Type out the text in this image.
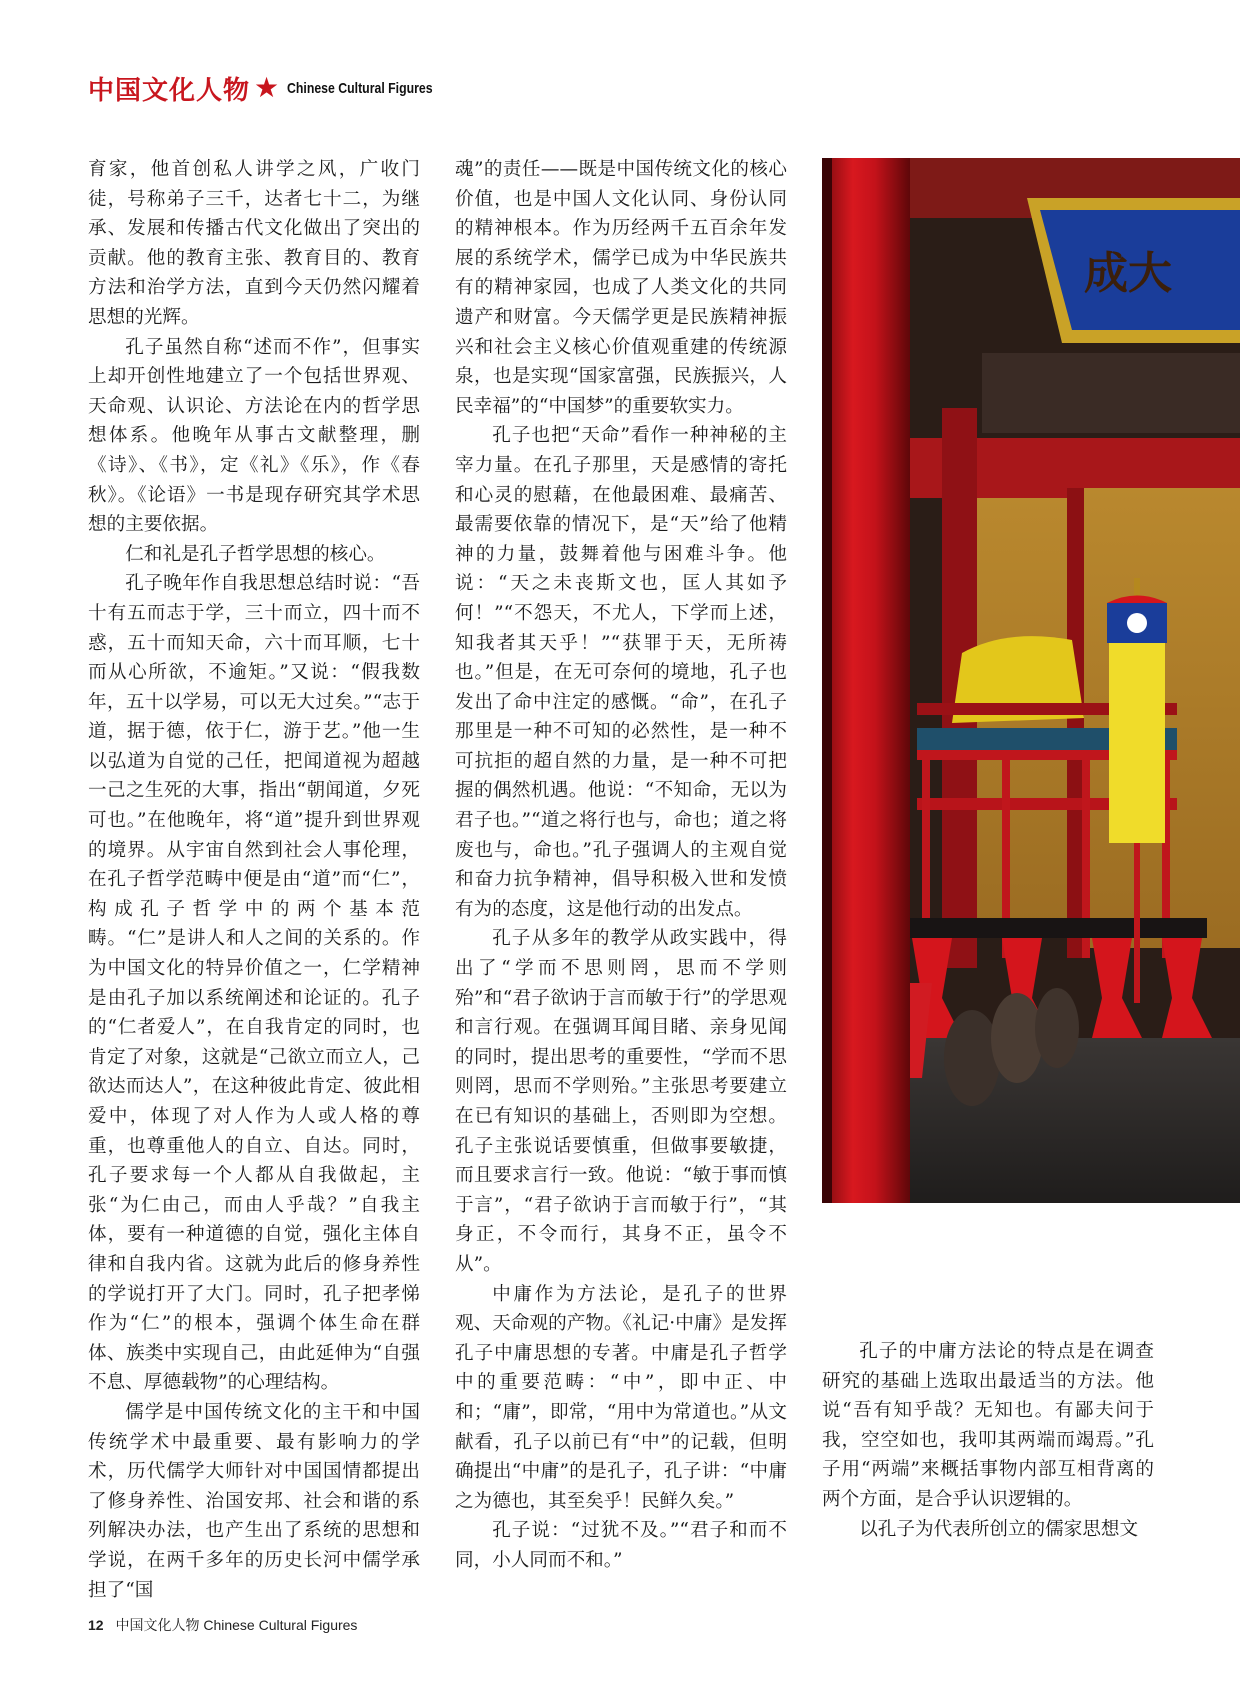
中国文化人物 ★ Chinese Cultural Figures

育家，他首创私人讲学之风，广收门徒，号称弟子三千，达者七十二，为继承、发展和传播古代文化做出了突出的贡献。他的教育主张、教育目的、教育方法和治学方法，直到今天仍然闪耀着思想的光辉。

孔子虽然自称“述而不作”，但事实上却开创性地建立了一个包括世界观、天命观、认识论、方法论在内的哲学思想体系。他晚年从事古文献整理，删《诗》、《书》，定《礼》《乐》，作《春秋》。《论语》一书是现存研究其学术思想的主要依据。

仁和礼是孔子哲学思想的核心。

孔子晚年作自我思想总结时说：“吾十有五而志于学，三十而立，四十而不惑，五十而知天命，六十而耳顺，七十而从心所欲，不逾矩。”又说：“假我数年，五十以学易，可以无大过矣。”“志于道，据于德，依于仁，游于艺。”他一生以弘道为自觉的己任，把闻道视为超越一己之生死的大事，指出“朝闻道，夕死可也。”在他晚年，将“道”提升到世界观的境界。从宇宙自然到社会人事伦理，在孔子哲学范畴中便是由“道”而“仁”，构成孔子哲学中的两个基本范畴。“仁”是讲人和人之间的关系的。作为中国文化的特异价值之一，仁学精神是由孔子加以系统阐述和论证的。孔子的“仁者爱人”，在自我肯定的同时，也肯定了对象，这就是“己欲立而立人，己欲达而达人”，在这种彼此肯定、彼此相爱中，体现了对人作为人或人格的尊重，也尊重他人的自立、自达。同时，孔子要求每一个人都从自我做起，主张“为仁由己，而由人乎哉？”自我主体，要有一种道德的自觉，强化主体自律和自我内省。这就为此后的修身养性的学说打开了大门。同时，孔子把孝悌作为“仁”的根本，强调个体生命在群体、族类中实现自己，由此延伸为“自强不息、厚德载物”的心理结构。

儒学是中国传统文化的主干和中国传统学术中最重要、最有影响力的学术，历代儒学大师针对中国国情都提出了修身养性、治国安邦、社会和谐的系列解决办法，也产生出了系统的思想和学说，在两千多年的历史长河中儒学承担了“国

魂”的责任——既是中国传统文化的核心价值，也是中国人文化认同、身份认同的精神根本。作为历经两千五百余年发展的系统学术，儒学已成为中华民族共有的精神家园，也成了人类文化的共同遗产和财富。今天儒学更是民族精神振兴和社会主义核心价值观重建的传统源泉，也是实现“国家富强，民族振兴，人民幸福”的“中国梦”的重要软实力。

孔子也把“天命”看作一种神秘的主宰力量。在孔子那里，天是感情的寄托和心灵的慰藉，在他最困难、最痛苦、最需要依靠的情况下，是“天”给了他精神的力量，鼓舞着他与困难斗争。他说：“天之未丧斯文也，匡人其如予何！”“不怨天，不尤人，下学而上述，知我者其天乎！”“获罪于天，无所祷也。”但是，在无可奈何的境地，孔子也发出了命中注定的感慨。“命”，在孔子那里是一种不可知的必然性，是一种不可抗拒的超自然的力量，是一种不可把握的偶然机遇。他说：“不知命，无以为君子也。”“道之将行也与，命也；道之将废也与，命也。”孔子强调人的主观自觉和奋力抗争精神，倡导积极入世和发愤有为的态度，这是他行动的出发点。

孔子从多年的教学从政实践中，得出了“学而不思则罔，思而不学则殆”和“君子欲讷于言而敏于行”的学思观和言行观。在强调耳闻目睹、亲身见闻的同时，提出思考的重要性，“学而不思则罔，思而不学则殆。”主张思考要建立在已有知识的基础上，否则即为空想。孔子主张说话要慎重，但做事要敏捷，而且要求言行一致。他说：“敏于事而慎于言”，“君子欲讷于言而敏于行”，“其身正，不令而行，其身不正，虽令不从”。

中庸作为方法论，是孔子的世界观、天命观的产物。《礼记·中庸》是发挥孔子中庸思想的专著。中庸是孔子哲学中的重要范畴：“中”，即中正、中和；“庸”，即常，“用中为常道也。”从文献看，孔子以前已有“中”的记载，但明确提出“中庸”的是孔子，孔子讲：“中庸之为德也，其至矣乎！民鲜久矣。”

孔子说：“过犹不及。”“君子和而不同，小人同而不和。”

成大

孔子的中庸方法论的特点是在调查研究的基础上选取出最适当的方法。他说“吾有知乎哉？无知也。有鄙夫问于我，空空如也，我叩其两端而竭焉。”孔子用“两端”来概括事物内部互相背离的两个方面，是合乎认识逻辑的。

以孔子为代表所创立的儒家思想文

12 中国文化人物 Chinese Cultural Figures
